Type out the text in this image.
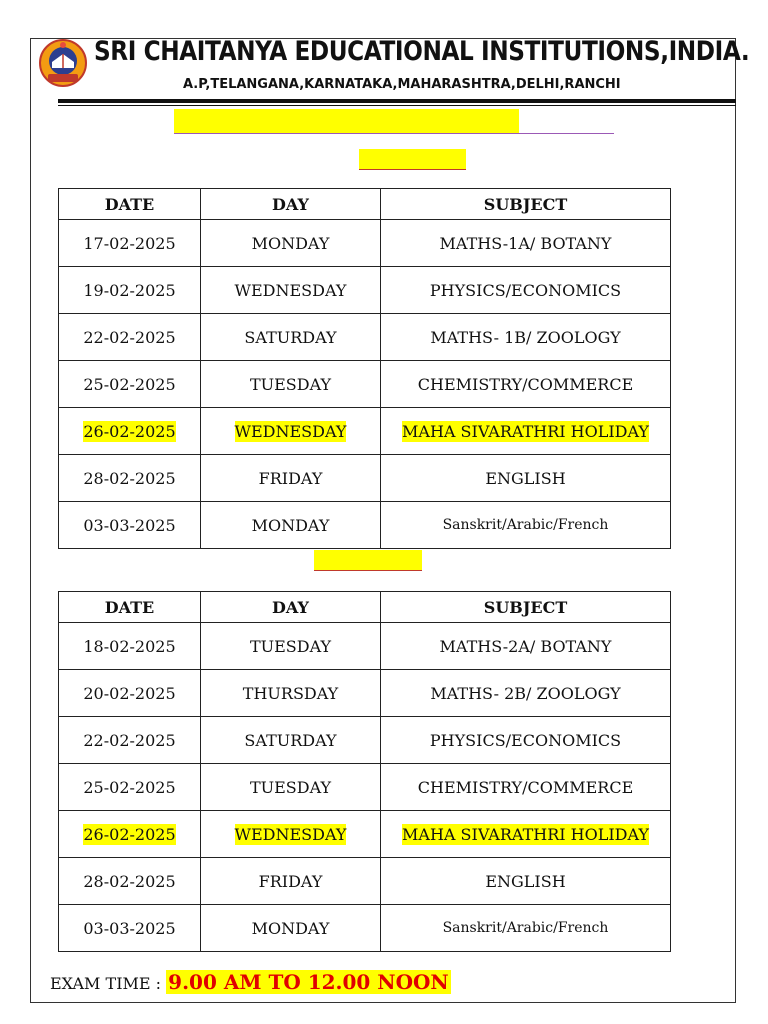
SRI CHAITANYA EDUCATIONAL INSTITUTIONS,INDIA.
A.P,TELANGANA,KARNATAKA,MAHARASHTRA,DELHI,RANCHI
DATE	DAY	SUBJECT
17-02-2025	MONDAY	MATHS-1A/ BOTANY
19-02-2025	WEDNESDAY	PHYSICS/ECONOMICS
22-02-2025	SATURDAY	MATHS- 1B/ ZOOLOGY
25-02-2025	TUESDAY	CHEMISTRY/COMMERCE
26-02-2025	WEDNESDAY	MAHA SIVARATHRI HOLIDAY
28-02-2025	FRIDAY	ENGLISH
03-03-2025	MONDAY	Sanskrit/Arabic/French
DATE	DAY	SUBJECT
18-02-2025	TUESDAY	MATHS-2A/ BOTANY
20-02-2025	THURSDAY	MATHS- 2B/ ZOOLOGY
22-02-2025	SATURDAY	PHYSICS/ECONOMICS
25-02-2025	TUESDAY	CHEMISTRY/COMMERCE
26-02-2025	WEDNESDAY	MAHA SIVARATHRI HOLIDAY
28-02-2025	FRIDAY	ENGLISH
03-03-2025	MONDAY	Sanskrit/Arabic/French
EXAM TIME : 9.00 AM TO 12.00 NOON
